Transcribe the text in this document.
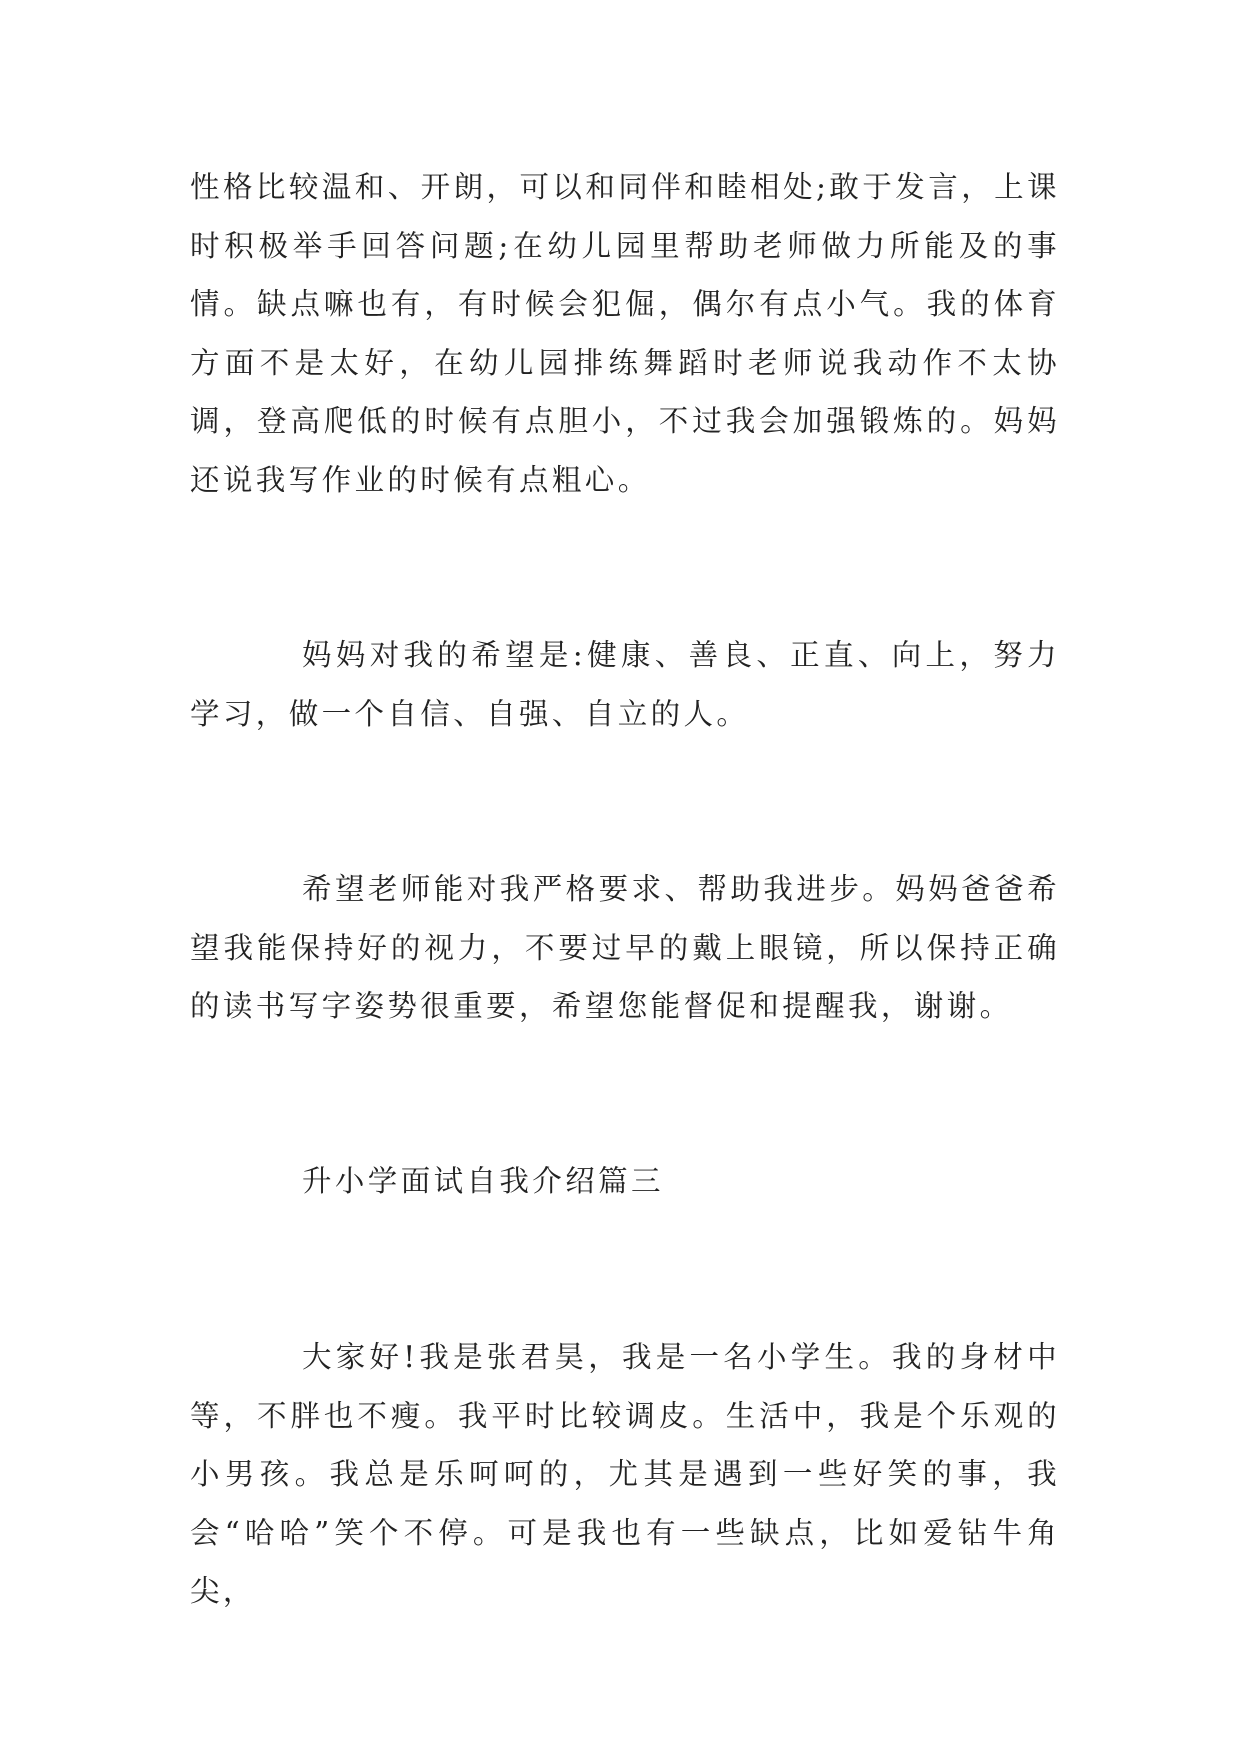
性格比较温和、开朗，可以和同伴和睦相处;敢于发言，上课时积极举手回答问题;在幼儿园里帮助老师做力所能及的事情。缺点嘛也有，有时候会犯倔，偶尔有点小气。我的体育方面不是太好，在幼儿园排练舞蹈时老师说我动作不太协调，登高爬低的时候有点胆小，不过我会加强锻炼的。妈妈还说我写作业的时候有点粗心。

妈妈对我的希望是:健康、善良、正直、向上，努力学习，做一个自信、自强、自立的人。

希望老师能对我严格要求、帮助我进步。妈妈爸爸希望我能保持好的视力，不要过早的戴上眼镜，所以保持正确的读书写字姿势很重要，希望您能督促和提醒我，谢谢。

升小学面试自我介绍篇三

大家好!我是张君昊，我是一名小学生。我的身材中等，不胖也不瘦。我平时比较调皮。生活中，我是个乐观的小男孩。我总是乐呵呵的，尤其是遇到一些好笑的事，我会“哈哈”笑个不停。可是我也有一些缺点，比如爱钻牛角尖，
